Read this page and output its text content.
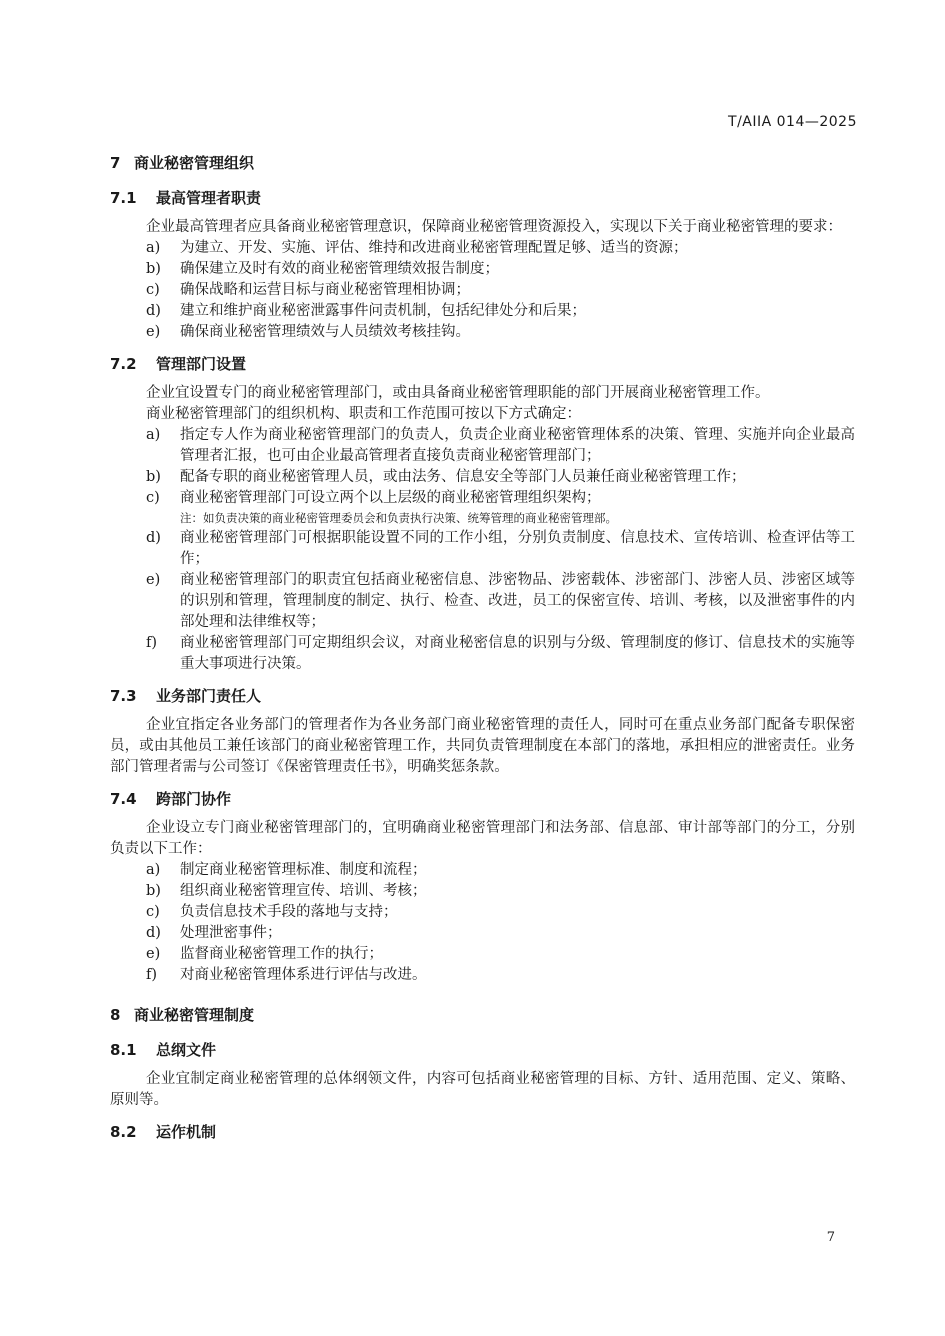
T/AIIA 014—2025
7 商业秘密管理组织
7.1 最高管理者职责

企业最高管理者应具备商业秘密管理意识，保障商业秘密管理资源投入，实现以下关于商业秘密管理的要求：

a) 为建立、开发、实施、评估、维持和改进商业秘密管理配置足够、适当的资源；
b) 确保建立及时有效的商业秘密管理绩效报告制度；
c) 确保战略和运营目标与商业秘密管理相协调；
d) 建立和维护商业秘密泄露事件问责机制，包括纪律处分和后果；
e) 确保商业秘密管理绩效与人员绩效考核挂钩。
7.2 管理部门设置

企业宜设置专门的商业秘密管理部门，或由具备商业秘密管理职能的部门开展商业秘密管理工作。

商业秘密管理部门的组织机构、职责和工作范围可按以下方式确定：

a) 指定专人作为商业秘密管理部门的负责人，负责企业商业秘密管理体系的决策、管理、实施并向企业最高管理者汇报，也可由企业最高管理者直接负责商业秘密管理部门；
b) 配备专职的商业秘密管理人员，或由法务、信息安全等部门人员兼任商业秘密管理工作；
c) 商业秘密管理部门可设立两个以上层级的商业秘密管理组织架构；
注：如负责决策的商业秘密管理委员会和负责执行决策、统筹管理的商业秘密管理部。
d) 商业秘密管理部门可根据职能设置不同的工作小组，分别负责制度、信息技术、宣传培训、检查评估等工作；
e) 商业秘密管理部门的职责宜包括商业秘密信息、涉密物品、涉密载体、涉密部门、涉密人员、涉密区域等的识别和管理，管理制度的制定、执行、检查、改进，员工的保密宣传、培训、考核，以及泄密事件的内部处理和法律维权等；
f) 商业秘密管理部门可定期组织会议，对商业秘密信息的识别与分级、管理制度的修订、信息技术的实施等重大事项进行决策。
7.3 业务部门责任人

企业宜指定各业务部门的管理者作为各业务部门商业秘密管理的责任人，同时可在重点业务部门配备专职保密员，或由其他员工兼任该部门的商业秘密管理工作，共同负责管理制度在本部门的落地，承担相应的泄密责任。业务部门管理者需与公司签订《保密管理责任书》，明确奖惩条款。

7.4 跨部门协作

企业设立专门商业秘密管理部门的，宜明确商业秘密管理部门和法务部、信息部、审计部等部门的分工，分别负责以下工作：

a) 制定商业秘密管理标准、制度和流程；
b) 组织商业秘密管理宣传、培训、考核；
c) 负责信息技术手段的落地与支持；
d) 处理泄密事件；
e) 监督商业秘密管理工作的执行；
f) 对商业秘密管理体系进行评估与改进。
8 商业秘密管理制度
8.1 总纲文件

企业宜制定商业秘密管理的总体纲领文件，内容可包括商业秘密管理的目标、方针、适用范围、定义、策略、原则等。

8.2 运作机制
7
